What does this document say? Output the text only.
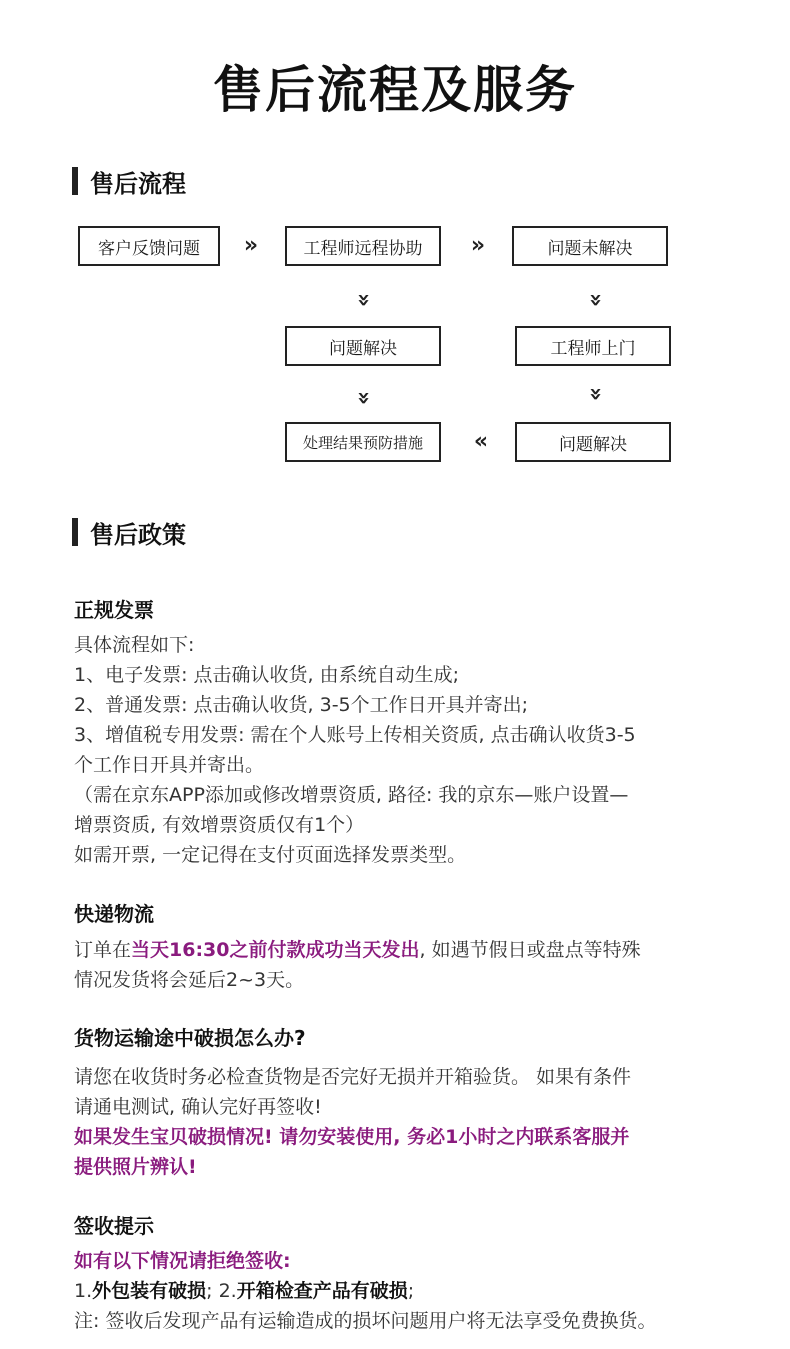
售后流程及服务
售后流程
客户反馈问题	»	工程师远程协助	»	问题未解决
»	»
问题解决	工程师上门
»	»
处理结果预防措施	«	问题解决
售后政策
正规发票
具体流程如下:
1、电子发票: 点击确认收货, 由系统自动生成;
2、普通发票: 点击确认收货, 3-5个工作日开具并寄出;
3、增值税专用发票: 需在个人账号上传相关资质, 点击确认收货3-5
个工作日开具并寄出。
（需在京东APP添加或修改增票资质, 路径: 我的京东—账户设置—
增票资质, 有效增票资质仅有1个）
如需开票, 一定记得在支付页面选择发票类型。
快递物流
订单在当天16:30之前付款成功当天发出, 如遇节假日或盘点等特殊
情况发货将会延后2~3天。
货物运输途中破损怎么办?
请您在收货时务必检查货物是否完好无损并开箱验货。 如果有条件
请通电测试, 确认完好再签收!
如果发生宝贝破损情况! 请勿安装使用, 务必1小时之内联系客服并
提供照片辨认!
签收提示
如有以下情况请拒绝签收:
1.外包装有破损; 2.开箱检查产品有破损;
注: 签收后发现产品有运输造成的损坏问题用户将无法享受免费换货。
